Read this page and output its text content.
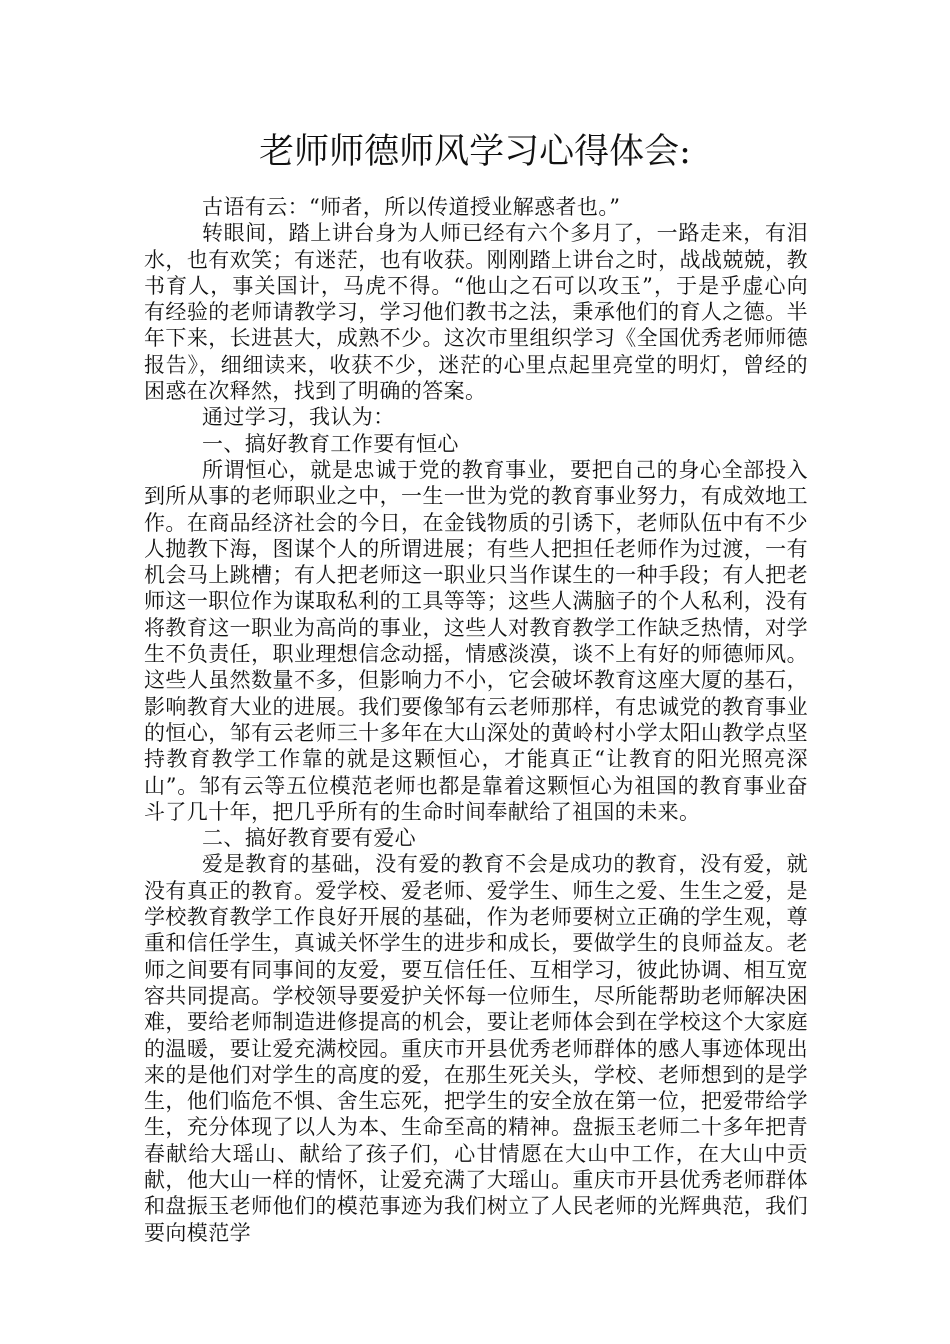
老师师德师风学习心得体会:

古语有云：“师者，所以传道授业解惑者也。”

转眼间，踏上讲台身为人师已经有六个多月了，一路走来，有泪水，也有欢笑；有迷茫，也有收获。刚刚踏上讲台之时，战战兢兢，教书育人，事关国计，马虎不得。“他山之石可以攻玉”，于是乎虚心向有经验的老师请教学习，学习他们教书之法，秉承他们的育人之德。半年下来，长进甚大，成熟不少。这次市里组织学习《全国优秀老师师德报告》，细细读来，收获不少，迷茫的心里点起里亮堂的明灯，曾经的困惑在次释然，找到了明确的答案。

通过学习，我认为：

一、搞好教育工作要有恒心

所谓恒心，就是忠诚于党的教育事业，要把自己的身心全部投入到所从事的老师职业之中，一生一世为党的教育事业努力，有成效地工作。在商品经济社会的今日，在金钱物质的引诱下，老师队伍中有不少人抛教下海，图谋个人的所谓进展；有些人把担任老师作为过渡，一有机会马上跳槽；有人把老师这一职业只当作谋生的一种手段；有人把老师这一职位作为谋取私利的工具等等；这些人满脑子的个人私利，没有将教育这一职业为高尚的事业，这些人对教育教学工作缺乏热情，对学生不负责任，职业理想信念动摇，情感淡漠，谈不上有好的师德师风。这些人虽然数量不多，但影响力不小，它会破坏教育这座大厦的基石，影响教育大业的进展。我们要像邹有云老师那样，有忠诚党的教育事业的恒心，邹有云老师三十多年在大山深处的黄岭村小学太阳山教学点坚持教育教学工作靠的就是这颗恒心，才能真正“让教育的阳光照亮深山”。邹有云等五位模范老师也都是靠着这颗恒心为祖国的教育事业奋斗了几十年，把几乎所有的生命时间奉献给了祖国的未来。

二、搞好教育要有爱心

爱是教育的基础，没有爱的教育不会是成功的教育，没有爱，就没有真正的教育。爱学校、爱老师、爱学生、师生之爱、生生之爱，是学校教育教学工作良好开展的基础，作为老师要树立正确的学生观，尊重和信任学生，真诚关怀学生的进步和成长，要做学生的良师益友。老师之间要有同事间的友爱，要互信任任、互相学习，彼此协调、相互宽容共同提高。学校领导要爱护关怀每一位师生，尽所能帮助老师解决困难，要给老师制造进修提高的机会，要让老师体会到在学校这个大家庭的温暖，要让爱充满校园。重庆市开县优秀老师群体的感人事迹体现出来的是他们对学生的高度的爱，在那生死关头，学校、老师想到的是学生，他们临危不惧、舍生忘死，把学生的安全放在第一位，把爱带给学生，充分体现了以人为本、生命至高的精神。盘振玉老师二十多年把青春献给大瑶山、献给了孩子们，心甘情愿在大山中工作，在大山中贡献，他大山一样的情怀，让爱充满了大瑶山。重庆市开县优秀老师群体和盘振玉老师他们的模范事迹为我们树立了人民老师的光辉典范，我们要向模范学
